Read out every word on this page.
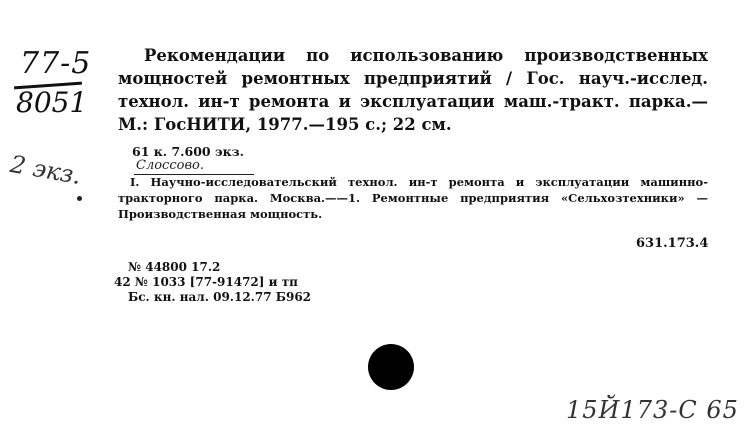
77-5
8051
2 экз.
Рекомендации по использованию производственных мощностей ремонтных предприятий / Гос. науч.-исслед. технол. ин-т ремонта и эксплуатации маш.-тракт. парка.— М.: ГосНИТИ, 1977.—195 с.; 22 см.
61 к. 7.600 экз.
Слоссово.
I. Научно-исследовательский технол. ин-т ремонта и эксплуатации машинно-тракторного парка. Москва.——1. Ремонтные предприятия «Сельхозтехники» — Производственная мощность.
631.173.4
№ 44800 17.2
42 № 1033 [77-91472] и тп
Бс. кн. нал. 09.12.77 Б962
15Й173-С 65
